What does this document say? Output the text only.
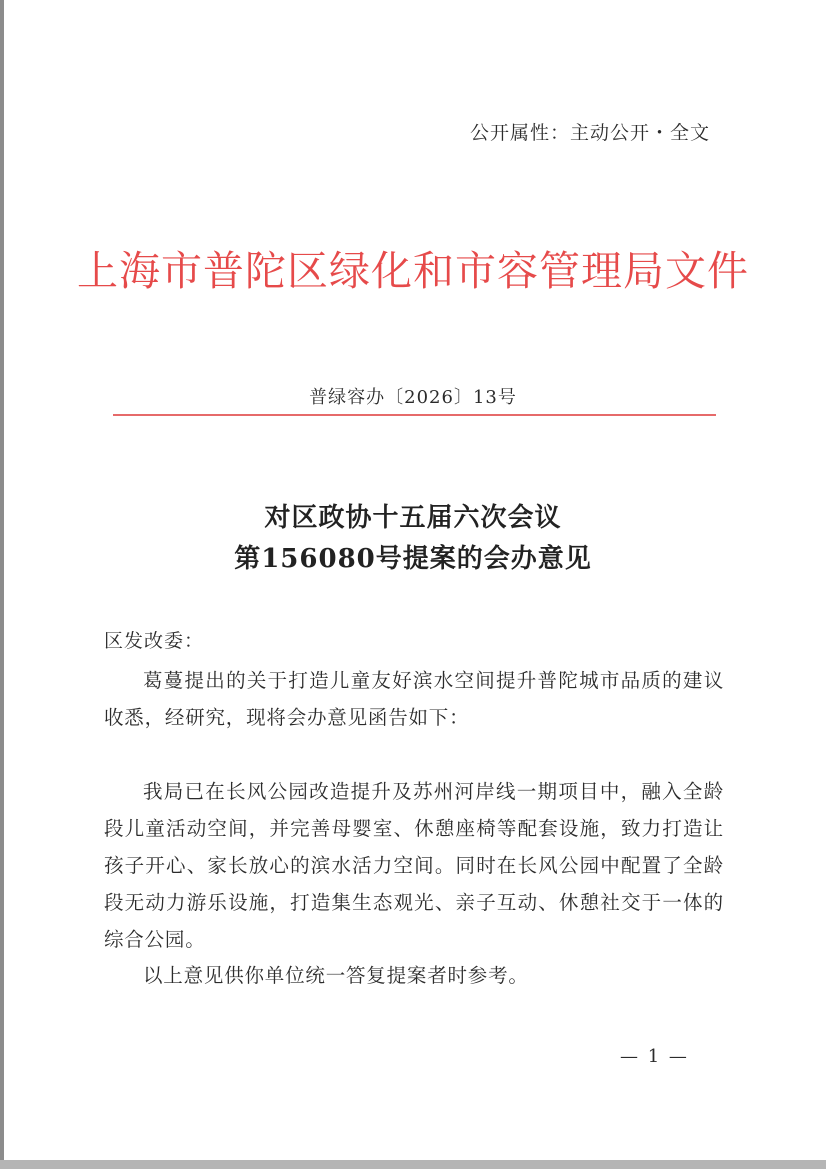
公开属性：主动公开・全文
上海市普陀区绿化和市容管理局文件
普绿容办〔2026〕13号
对区政协十五届六次会议
第156080号提案的会办意见
区发改委：

葛蔓提出的关于打造儿童友好滨水空间提升普陀城市品质的建议收悉，经研究，现将会办意见函告如下：

我局已在长风公园改造提升及苏州河岸线一期项目中，融入全龄段儿童活动空间，并完善母婴室、休憩座椅等配套设施，致力打造让孩子开心、家长放心的滨水活力空间。同时在长风公园中配置了全龄段无动力游乐设施，打造集生态观光、亲子互动、休憩社交于一体的综合公园。

以上意见供你单位统一答复提案者时参考。

— 1 —
